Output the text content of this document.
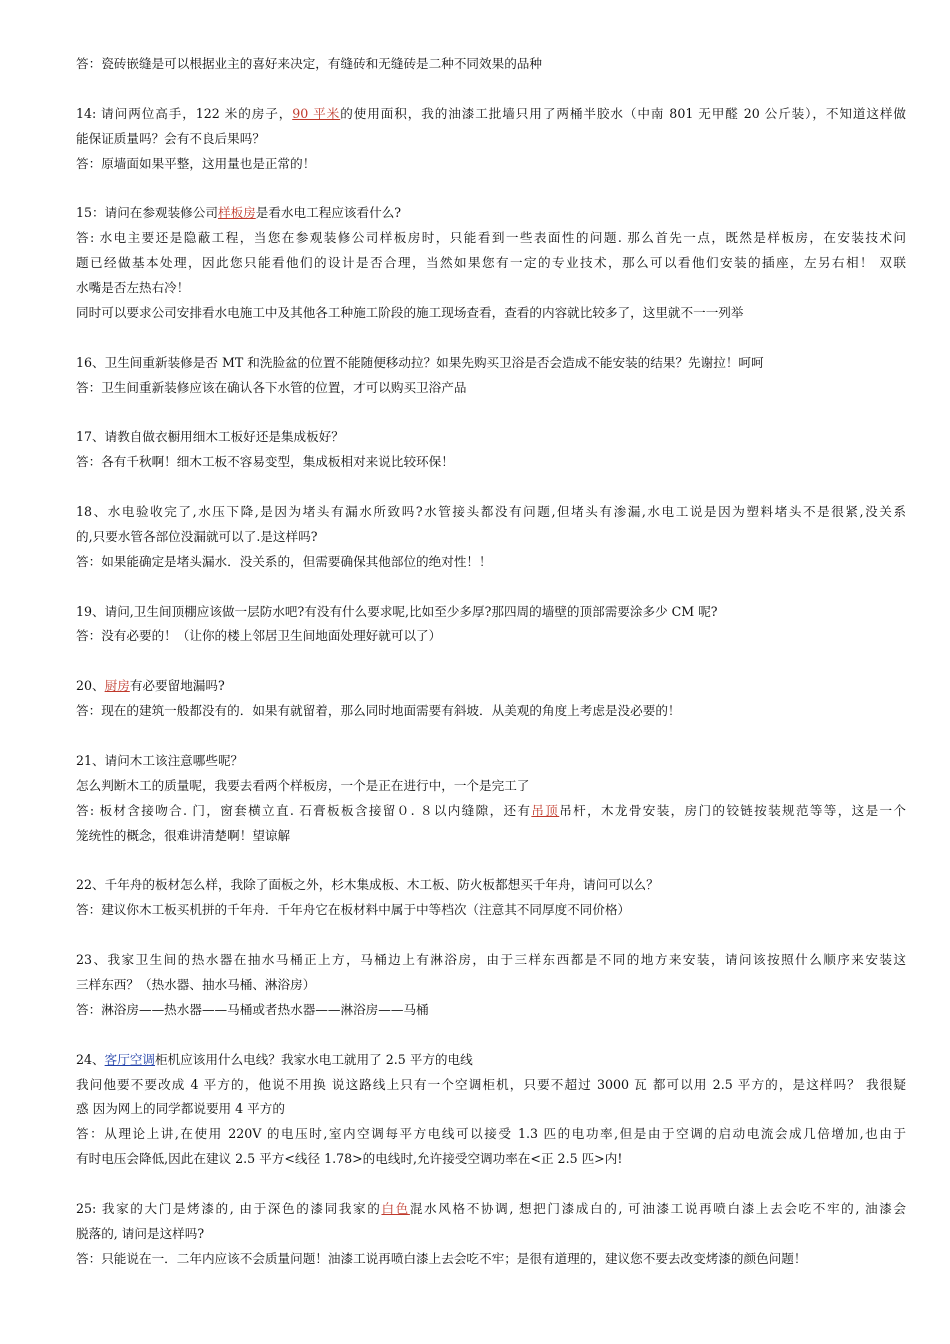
答：瓷砖嵌缝是可以根据业主的喜好来决定，有缝砖和无缝砖是二种不同效果的品种
14: 请问两位高手，122 米的房子，90 平米的使用面积，我的油漆工批墙只用了两桶半胶水（中南 801 无甲醛 20 公斤装），不知道这样做
能保证质量吗？会有不良后果吗？
答：原墙面如果平整，这用量也是正常的！
15：请问在参观装修公司样板房是看水电工程应该看什么?
答: 水电主要还是隐蔽工程，当您在参观装修公司样板房时，只能看到一些表面性的问题. 那么首先一点，既然是样板房，在安装技术问
题已经做基本处理，因此您只能看他们的设计是否合理，当然如果您有一定的专业技术，那么可以看他们安装的插座，左另右相！ 双联
水嘴是否左热右冷！
同时可以要求公司安排看水电施工中及其他各工种施工阶段的施工现场查看，查看的内容就比较多了，这里就不一一列举
16、卫生间重新装修是否 MT 和洗脸盆的位置不能随便移动拉？如果先购买卫浴是否会造成不能安装的结果？先谢拉！呵呵
答：卫生间重新装修应该在确认各下水管的位置，才可以购买卫浴产品
17、请教自做衣橱用细木工板好还是集成板好？
答：各有千秋啊！细木工板不容易变型，集成板相对来说比较环保！
18、水电验收完了,水压下降,是因为堵头有漏水所致吗?水管接头都没有问题,但堵头有渗漏,水电工说是因为塑料堵头不是很紧,没关系
的,只要水管各部位没漏就可以了.是这样吗?
答：如果能确定是堵头漏水．没关系的，但需要确保其他部位的绝对性！！
19、请问,卫生间顶棚应该做一层防水吧?有没有什么要求呢,比如至少多厚?那四周的墙壁的顶部需要涂多少 CM 呢?
答：没有必要的！（让你的楼上邻居卫生间地面处理好就可以了）
20、厨房有必要留地漏吗?
答：现在的建筑一般都没有的．如果有就留着，那么同时地面需要有斜坡．从美观的角度上考虑是没必要的！
21、请问木工该注意哪些呢？
怎么判断木工的质量呢，我要去看两个样板房，一个是正在进行中，一个是完工了
答: 板材含接吻合. 门，窗套横立直. 石膏板板含接留０. ８以内缝隙，还有吊顶吊杆，木龙骨安装，房门的铰链按装规范等等，这是一个
笼统性的概念，很难讲清楚啊！望谅解
22、千年舟的板材怎么样，我除了面板之外，杉木集成板、木工板、防火板都想买千年舟，请问可以么？
答：建议你木工板买机拼的千年舟．千年舟它在板材料中属于中等档次（注意其不同厚度不同价格）
23、我家卫生间的热水器在抽水马桶正上方，马桶边上有淋浴房，由于三样东西都是不同的地方来安装，请问该按照什么顺序来安装这
三样东西？（热水器、抽水马桶、淋浴房）
答：淋浴房——热水器——马桶或者热水器——淋浴房——马桶
24、客厅空调柜机应该用什么电线？我家水电工就用了 2.5 平方的电线
我问他要不要改成 4 平方的，他说不用换 说这路线上只有一个空调柜机，只要不超过 3000 瓦 都可以用 2.5 平方的，是这样吗？ 我很疑
惑 因为网上的同学都说要用 4 平方的
答：从理论上讲,在使用 220V 的电压时,室内空调每平方电线可以接受 1.3 匹的电功率,但是由于空调的启动电流会成几倍增加,也由于
有时电压会降低,因此在建议 2.5 平方<线径 1.78>的电线时,允许接受空调功率在<正 2.5 匹>内!
25: 我家的大门是烤漆的, 由于深色的漆同我家的白色混水风格不协调, 想把门漆成白的, 可油漆工说再喷白漆上去会吃不牢的, 油漆会
脱落的, 请问是这样吗?
答：只能说在一．二年内应该不会质量问题！油漆工说再喷白漆上去会吃不牢；是很有道理的，建议您不要去改变烤漆的颜色问题！
